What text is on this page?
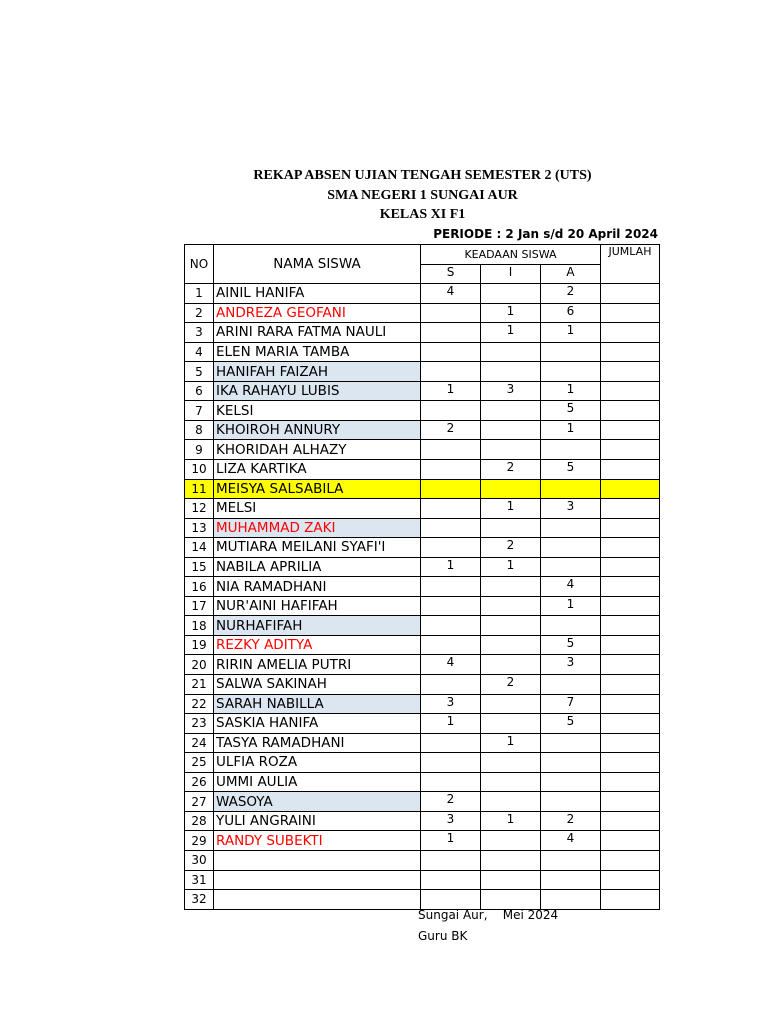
REKAP ABSEN UJIAN TENGAH SEMESTER 2 (UTS)
SMA NEGERI 1 SUNGAI AUR
KELAS XI F1
PERIODE : 2 Jan s/d 20 April 2024
NO	NAMA SISWA	KEADAAN SISWA			JUMLAH
		S	I	A	
1	AINIL HANIFA	4		2	
2	ANDREZA GEOFANI		1	6	
3	ARINI RARA FATMA NAULI		1	1	
4	ELEN MARIA TAMBA				
5	HANIFAH FAIZAH				
6	IKA RAHAYU LUBIS	1	3	1	
7	KELSI			5	
8	KHOIROH ANNURY	2		1	
9	KHORIDAH ALHAZY				
10	LIZA KARTIKA		2	5	
11	MEISYA SALSABILA				
12	MELSI		1	3	
13	MUHAMMAD ZAKI				
14	MUTIARA MEILANI SYAFI'I		2		
15	NABILA APRILIA	1	1		
16	NIA RAMADHANI			4	
17	NUR'AINI HAFIFAH			1	
18	NURHAFIFAH				
19	REZKY ADITYA			5	
20	RIRIN AMELIA PUTRI	4		3	
21	SALWA SAKINAH		2		
22	SARAH NABILLA	3		7	
23	SASKIA HANIFA	1		5	
24	TASYA RAMADHANI		1		
25	ULFIA ROZA				
26	UMMI AULIA				
27	WASOYA	2			
28	YULI ANGRAINI	3	1	2	
29	RANDY SUBEKTI	1		4	
30					
31					
32					
Sungai Aur,    Mei 2024
Guru BK
